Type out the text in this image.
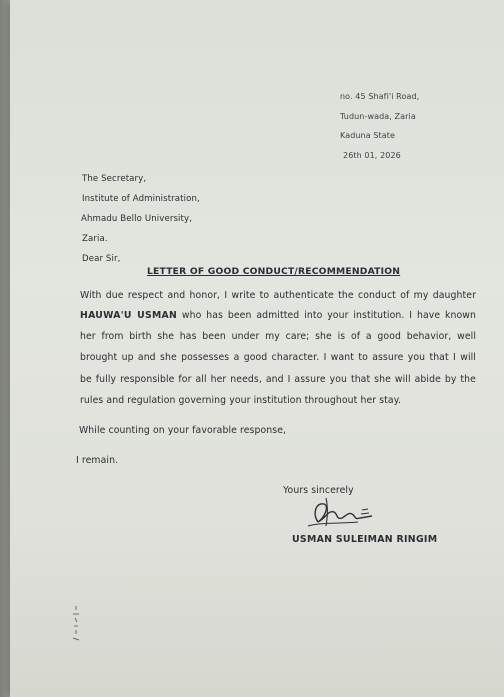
no. 45 Shafi'i Road,
Tudun-wada, Zaria
Kaduna State
26th 01, 2026
The Secretary,
Institute of Administration,
Ahmadu Bello University,
Zaria.
Dear Sir,
LETTER OF GOOD CONDUCT/RECOMMENDATION
With due respect and honor, I write to authenticate the conduct of my daughter
HAUWA'U USMAN who has been admitted into your institution. I have known
her from birth she has been under my care; she is of a good behavior, well
brought up and she possesses a good character. I want to assure you that I will
be fully responsible for all her needs, and I assure you that she will abide by the
rules and regulation governing your institution throughout her stay.
While counting on your favorable response,
I remain.
Yours sincerely
USMAN SULEIMAN RINGIM
